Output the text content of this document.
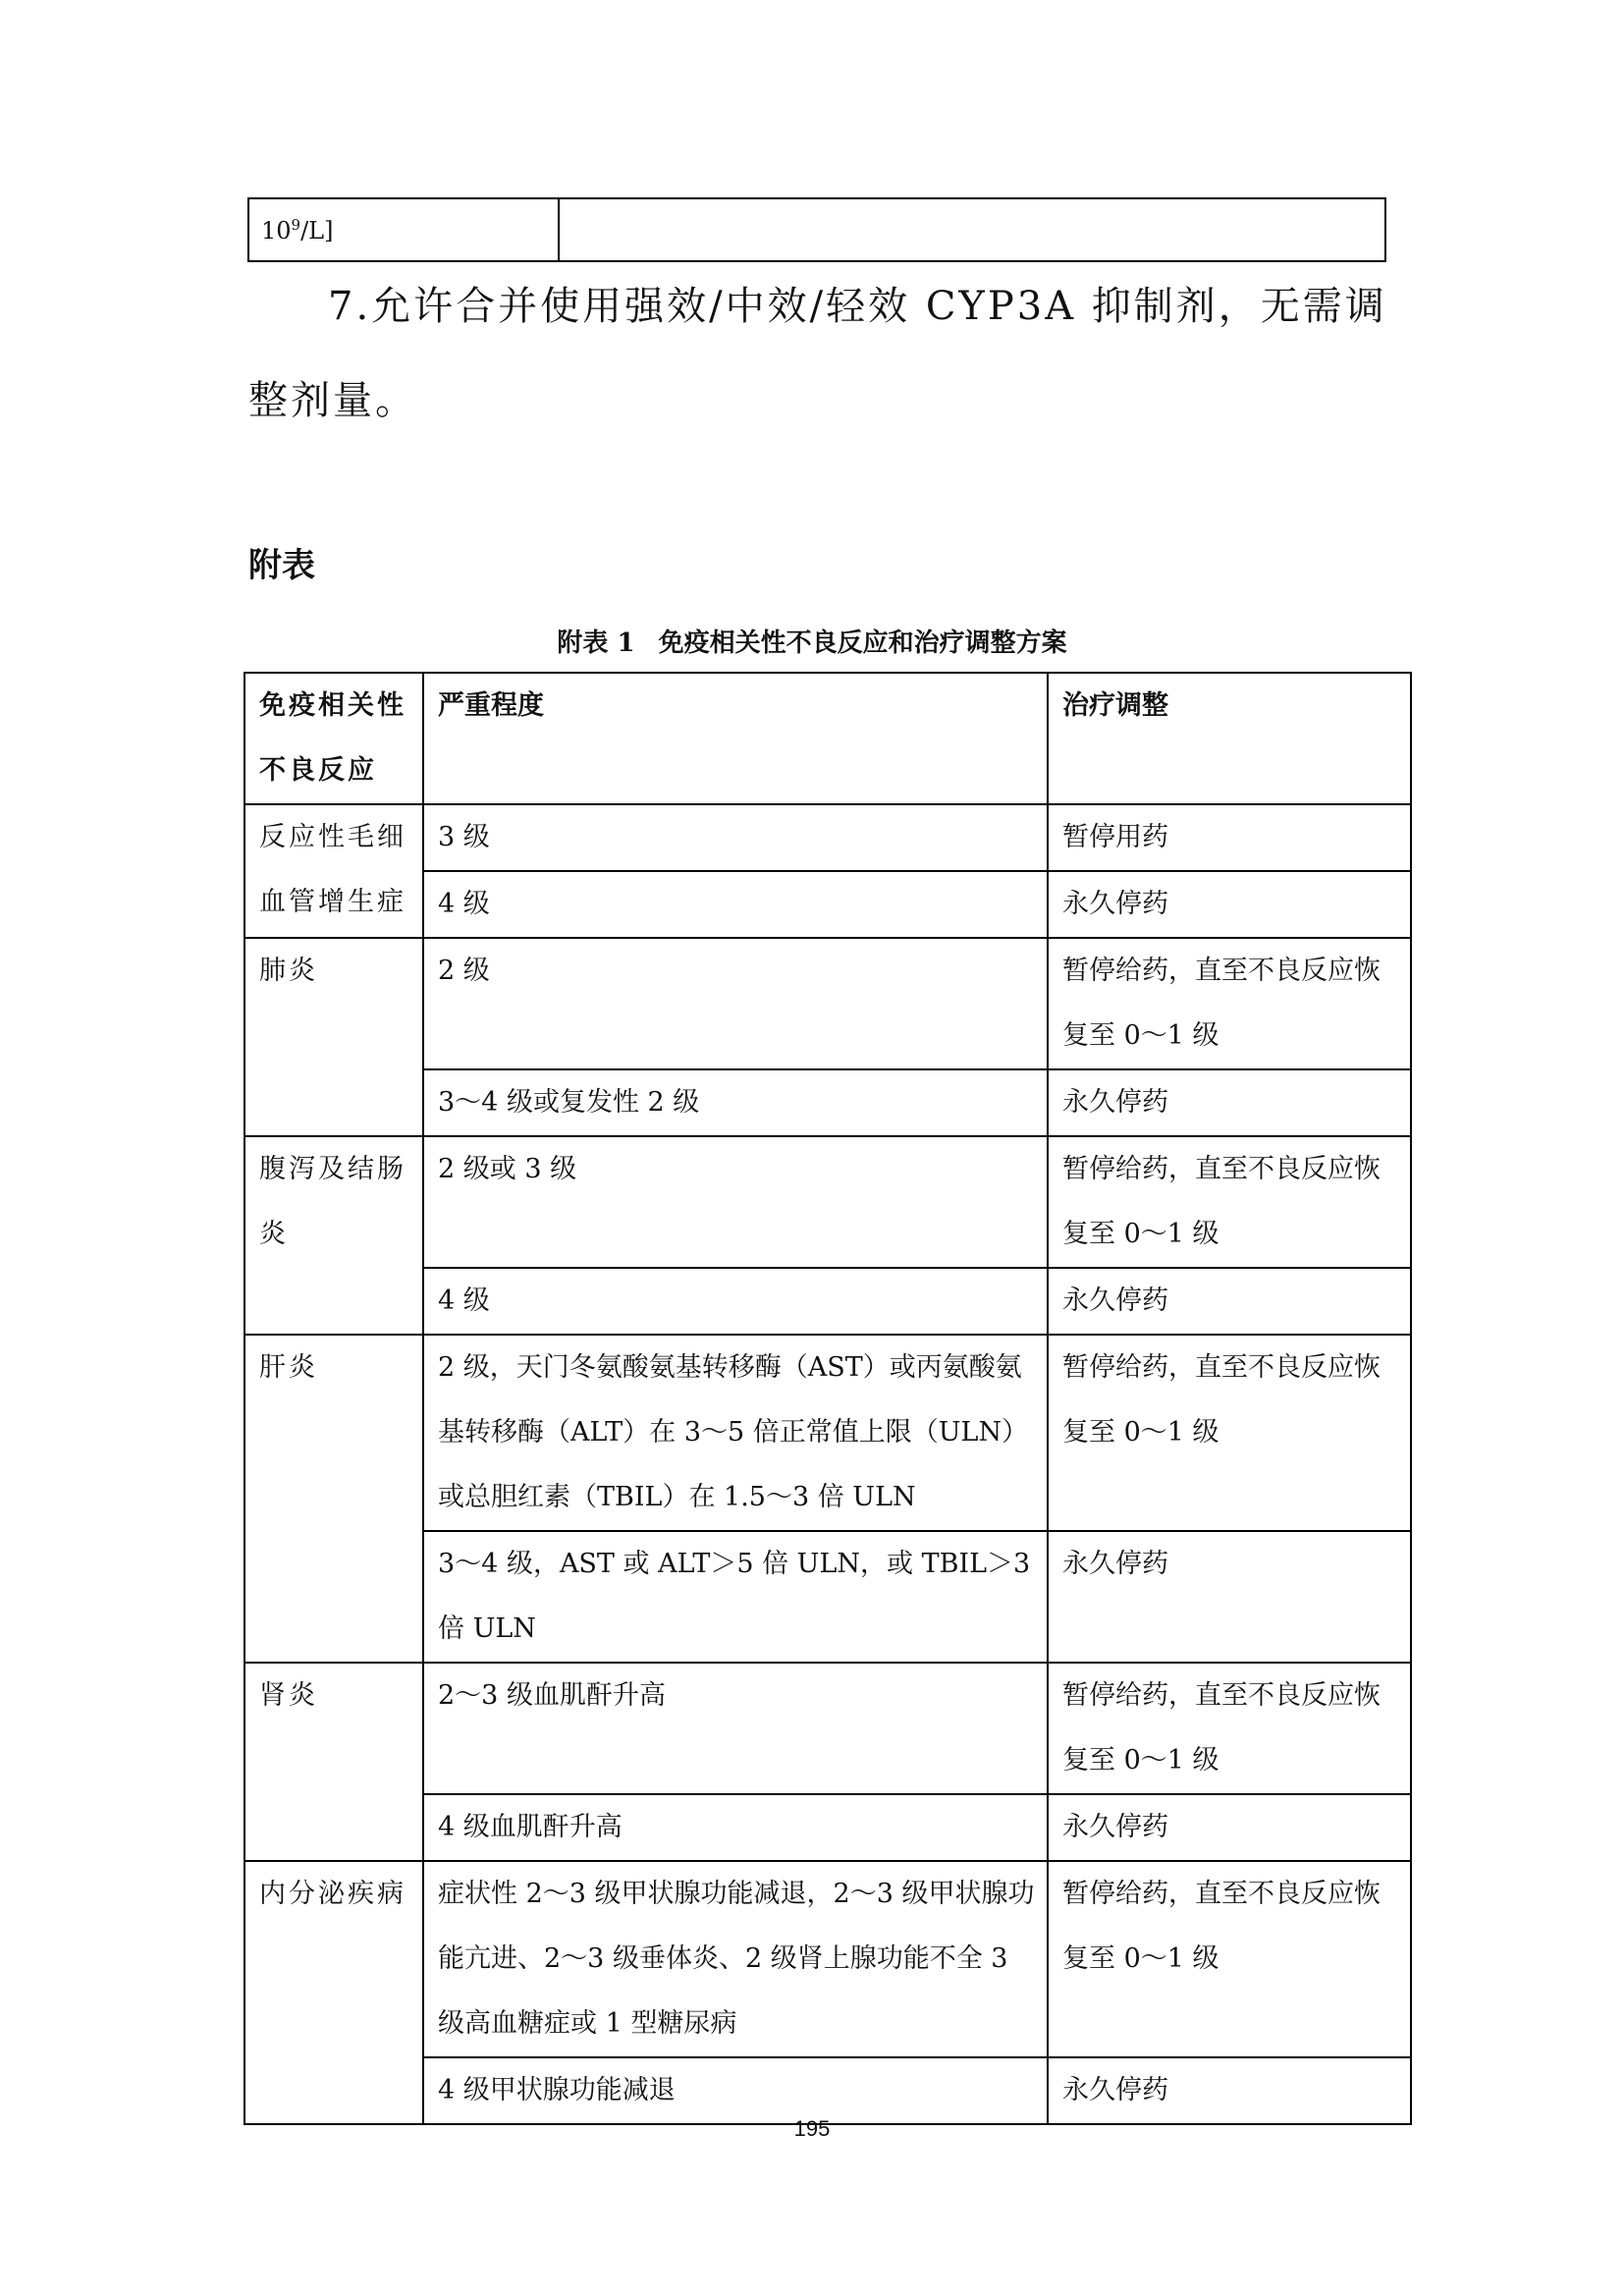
$10^9/L$]	

7.允许合并使用强效/中效/轻效 CYP3A 抑制剂，无需调整剂量。

附表
附表 1 免疫相关性不良反应和治疗调整方案
免疫相关性不良反应	严重程度	治疗调整
反应性毛细血管增生症	3 级	暂停用药
	4 级	永久停药
肺炎	2 级	暂停给药，直至不良反应恢复至 0～1 级
	3～4 级或复发性 2 级	永久停药
腹泻及结肠炎	2 级或 3 级	暂停给药，直至不良反应恢复至 0～1 级
	4 级	永久停药
肝炎	2 级，天门冬氨酸氨基转移酶（AST）或丙氨酸氨基转移酶（ALT）在 3～5 倍正常值上限（ULN）或总胆红素（TBIL）在 1.5～3 倍 ULN	暂停给药，直至不良反应恢复至 0～1 级
	3～4 级，AST 或 ALT＞5 倍 ULN，或 TBIL＞3 倍 ULN	永久停药
肾炎	2～3 级血肌酐升高	暂停给药，直至不良反应恢复至 0～1 级
	4 级血肌酐升高	永久停药
内分泌疾病	症状性 2～3 级甲状腺功能减退，2～3 级甲状腺功能亢进、2～3 级垂体炎、2 级肾上腺功能不全 3 级高血糖症或 1 型糖尿病	暂停给药，直至不良反应恢复至 0～1 级
	4 级甲状腺功能减退	永久停药
195
